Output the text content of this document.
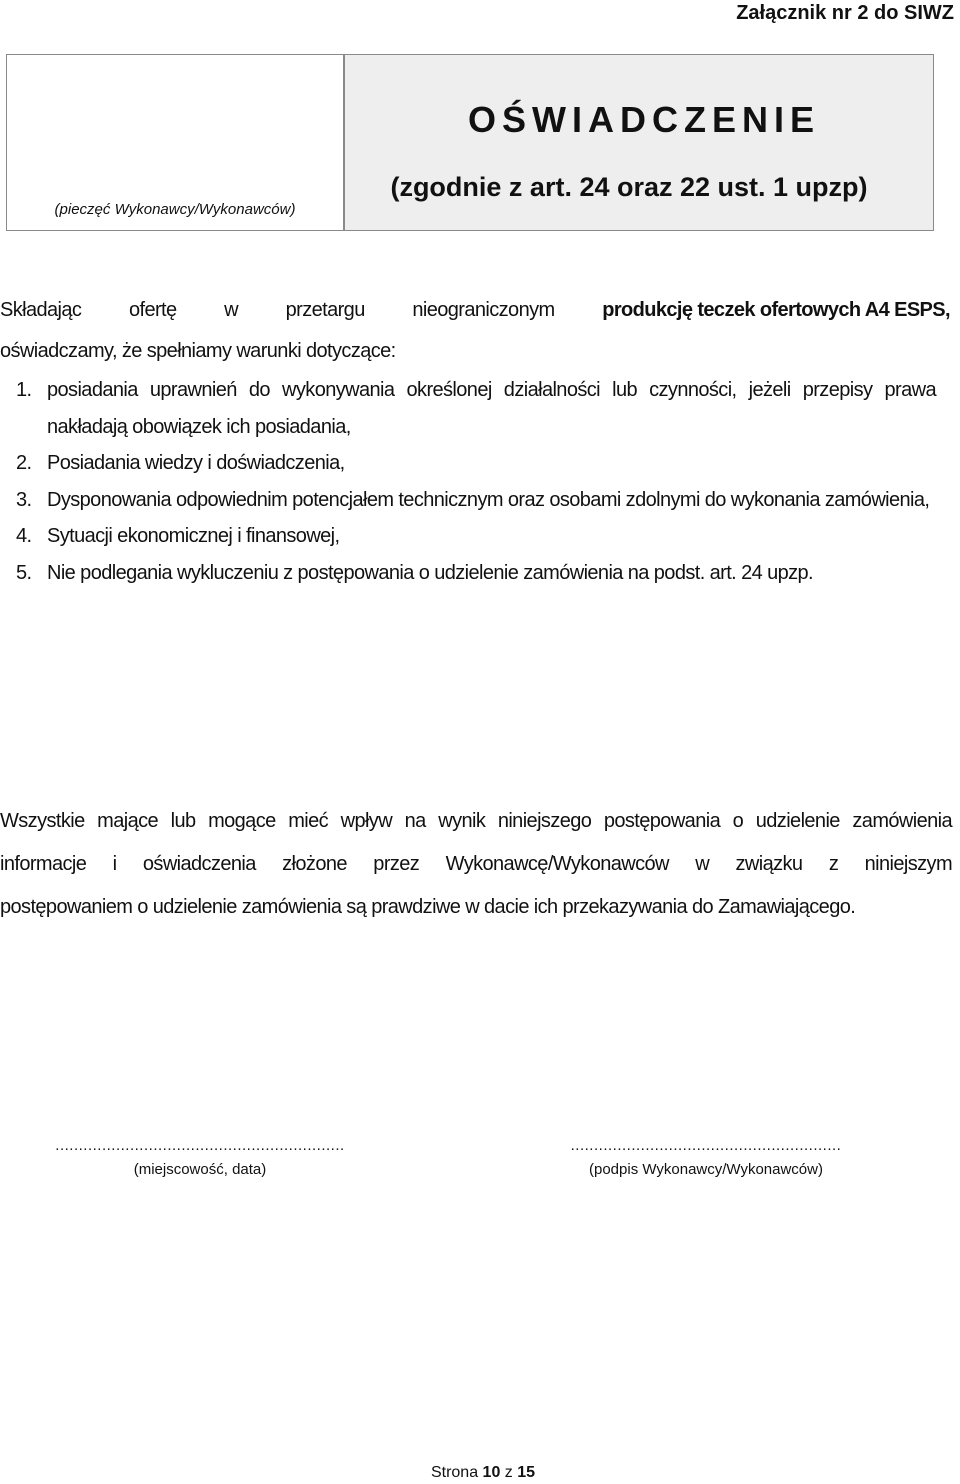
Załącznik nr 2 do SIWZ
(pieczęć Wykonawcy/Wykonawców)
OŚWIADCZENIE
(zgodnie z art. 24 oraz 22 ust. 1 upzp)
Składając ofertę w przetargu nieograniczonym produkcję teczek ofertowych A4 ESPS,
oświadczamy, że spełniamy warunki dotyczące:
1. posiadania uprawnień do wykonywania określonej działalności lub czynności, jeżeli przepisy prawa nakładają obowiązek ich posiadania,
2. Posiadania wiedzy i doświadczenia,
3. Dysponowania odpowiednim potencjałem technicznym oraz osobami zdolnymi do wykonania zamówienia,
4. Sytuacji ekonomicznej i finansowej,
5. Nie podlegania wykluczeniu z postępowania o udzielenie zamówienia na podst. art. 24 upzp.
Wszystkie mające lub mogące mieć wpływ na wynik niniejszego postępowania o udzielenie zamówienia
informacje i oświadczenia złożone przez Wykonawcę/Wykonawców w związku z niniejszym
postępowaniem o udzielenie zamówienia są prawdziwe w dacie ich przekazywania do Zamawiającego.
..............................................................
(miejscowość, data)
..........................................................
(podpis Wykonawcy/Wykonawców)
Strona 10 z 15
